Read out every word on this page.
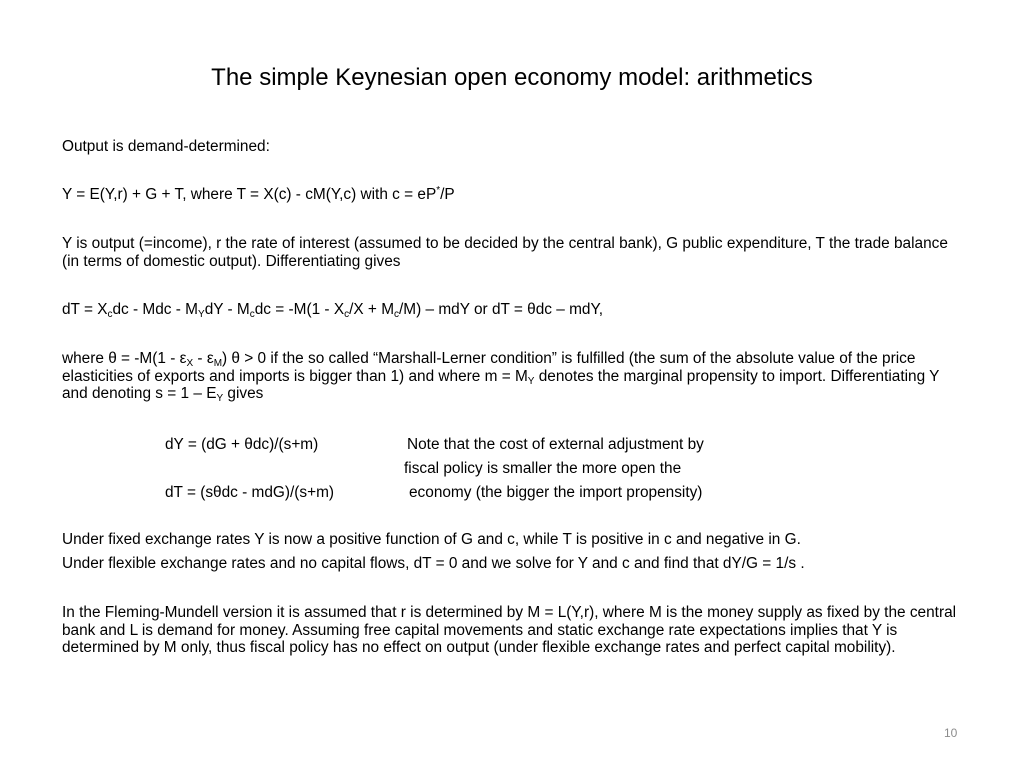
The simple Keynesian open economy model: arithmetics

Output is demand-determined:

Y = E(Y,r) + G + T, where T = X(c) - cM(Y,c) with c = eP*/P

Y is output (=income), r the rate of interest (assumed to be decided by the central bank), G public expenditure, T the trade balance (in terms of domestic output). Differentiating gives

dT = $X_cdc$ - Mdc - $M_YdY - M_cdc = -M(1 - X_c/X + M_c/M)$ – mdY or dT = θdc – mdY,

where $\theta = -M(1 - \varepsilon_X - \varepsilon_M)$ θ > 0 if the so called “Marshall-Lerner condition” is fulfilled (the sum of the absolute value of the price elasticities of exports and imports is bigger than 1) and where $m = M_Y$ denotes the marginal propensity to import. Differentiating Y and denoting $s = 1 - E_Y$ gives

dY = (dG + θdc)/(s+m)
dT = (sθdc - mdG)/(s+m)
Note that the cost of external adjustment by
fiscal policy is smaller the more open the
economy (the bigger the import propensity)

Under fixed exchange rates Y is now a positive function of G and c, while T is positive in c and negative in G.

Under flexible exchange rates and no capital flows, dT = 0 and we solve for Y and c and find that dY/G = 1/s .

In the Fleming-Mundell version it is assumed that r is determined by M = L(Y,r), where M is the money supply as fixed by the central bank and L is demand for money. Assuming free capital movements and static exchange rate expectations implies that Y is determined by M only, thus fiscal policy has no effect on output (under flexible exchange rates and perfect capital mobility).

10
